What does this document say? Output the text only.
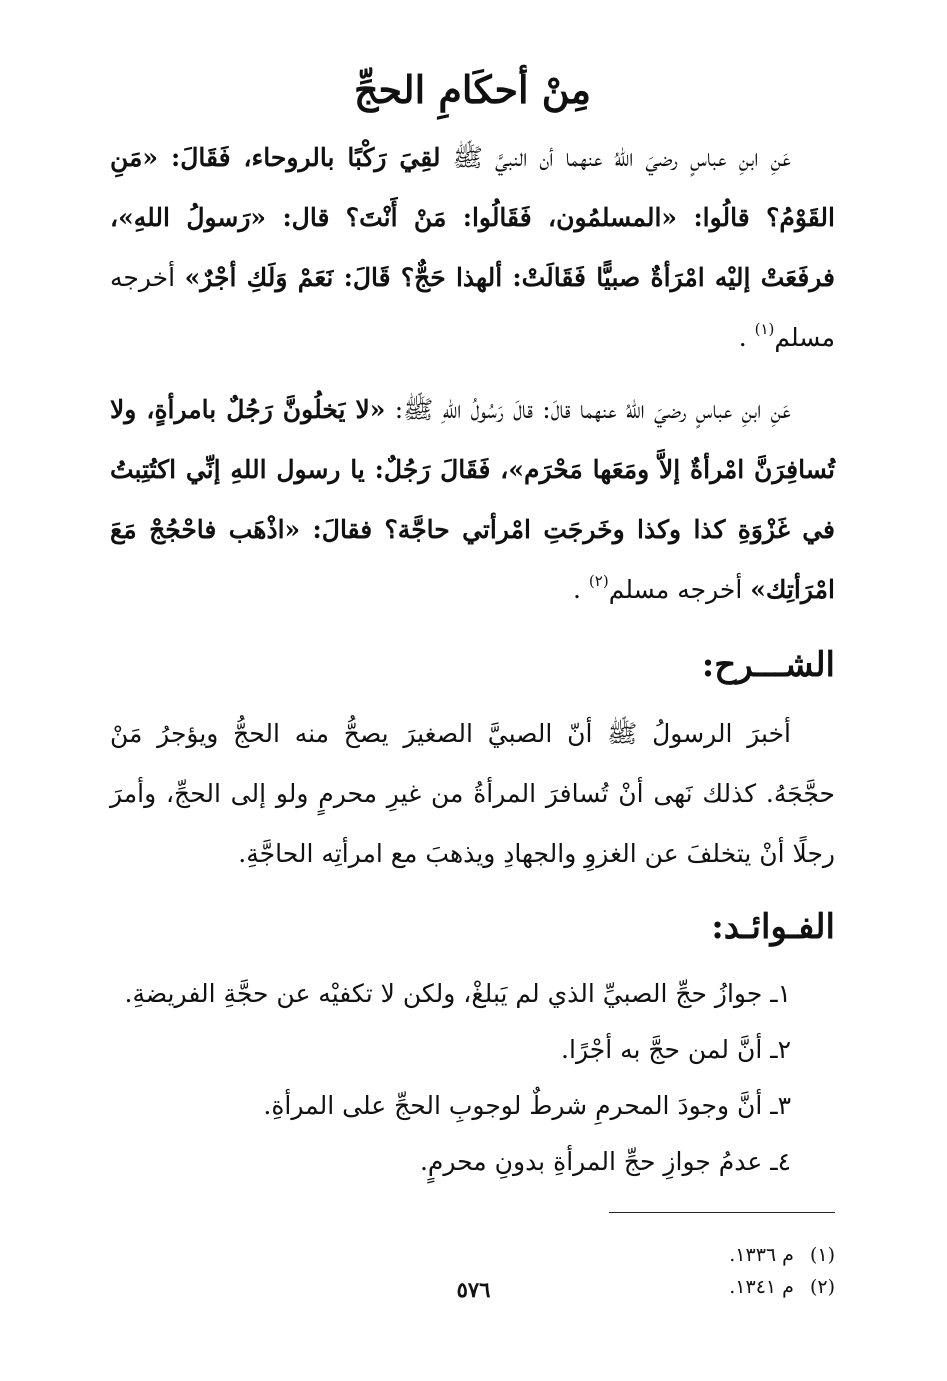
مِنْ أحكَامِ الحجِّ

عَنِ ابنِ عباسٍ رضيَ اللهُ عنهما أن النبيَّ ﷺ لقِيَ رَكْبًا بالروحاء، فَقَالَ: «مَنِ القَوْمُ؟ قالُوا: «المسلمُون، فَقَالُوا: مَنْ أَنْتَ؟ قال: «رَسولُ اللهِ»، فرفَعَتْ إليْه امْرَأةٌ صبيًّا فَقَالَتْ: ألهذا حَجٌّ؟ قَالَ: نَعَمْ وَلَكِ أجْرٌ» أخرجه مسلم$^{(١)}$ .

عَنِ ابنِ عباسٍ رضيَ اللهُ عنهما قالَ: قالَ رَسُولُ اللهِ ﷺ: «لا يَخلُونَّ رَجُلٌ بامرأةٍ، ولا تُسافِرَنَّ امْرأةٌ إلاَّ ومَعَها مَحْرَم»، فَقَالَ رَجُلٌ: يا رسول اللهِ إنِّي اكتُتِبتُ في غَزْوَةِ كذا وكذا وخَرجَتِ امْرأتي حاجَّة؟ فقالَ: «اذْهَب فاحْجُجْ مَعَ امْرَأتِك» أخرجه مسلم$^{(٢)}$ .

الشـــرح:

أخبرَ الرسولُ ﷺ أنّ الصبيَّ الصغيرَ يصحُّ منه الحجُّ ويؤجرُ مَنْ حجَّجَهُ. كذلك نَهى أنْ تُسافرَ المرأةُ من غيرِ محرمٍ ولو إلى الحجِّ، وأمرَ رجلًا أنْ يتخلفَ عن الغزوِ والجهادِ ويذهبَ مع امرأتِه الحاجَّةِ.

الفـوائـد:
١ـ جوازُ حجِّ الصبيِّ الذي لم يَبلغْ، ولكن لا تكفيْه عن حجَّةِ الفريضةِ.
٢ـ أنَّ لمن حجَّ به أجْرًا.
٣ـ أنَّ وجودَ المحرمِ شرطٌ لوجوبِ الحجِّ على المرأةِ.
٤ـ عدمُ جوازِ حجِّ المرأةِ بدونِ محرمٍ.
(١)م ١٣٣٦.
(٢)م ١٣٤١.
٥٧٦
